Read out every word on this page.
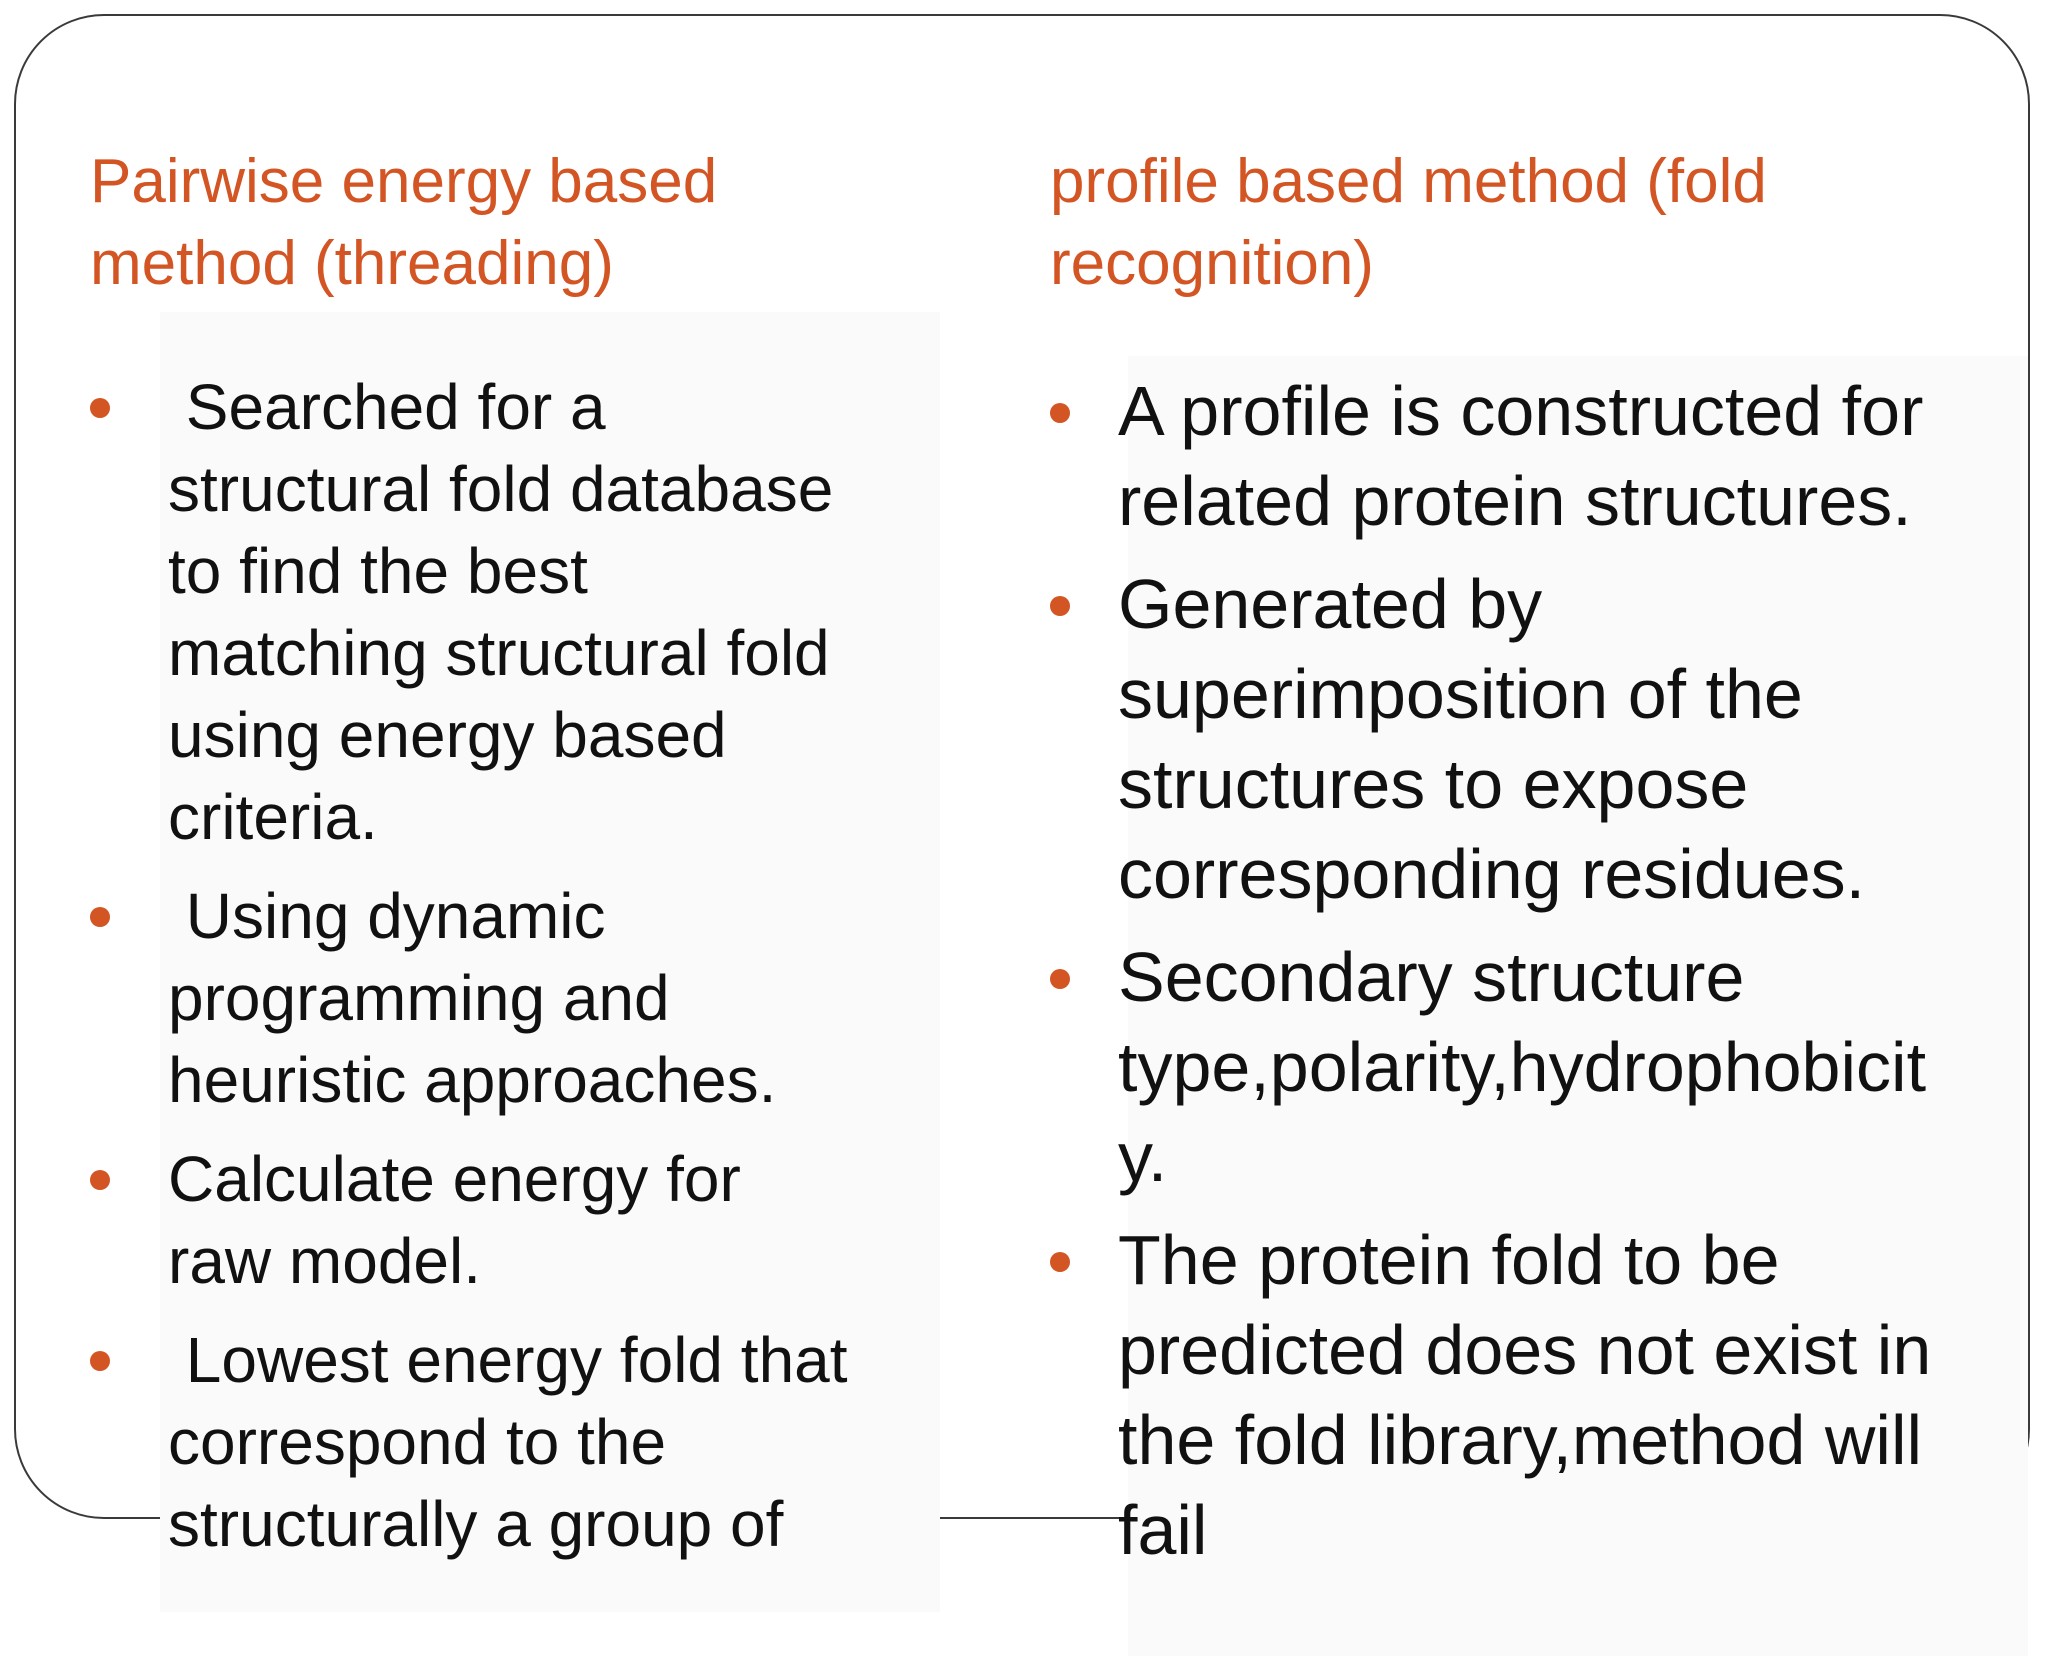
Pairwise energy based
method (threading)
Searched for a
structural fold database
to find the best
matching structural fold
using energy based
criteria.
Using dynamic
programming and
heuristic approaches.
Calculate energy for
raw model.
Lowest energy fold that
correspond to the
structurally a group of
profile based method (fold
recognition)
A profile is constructed for
related protein structures.
Generated by
superimposition of the
structures to expose
corresponding residues.
Secondary structure
type,polarity,hydrophobicit
y.
The protein fold to be
predicted does not exist in
the fold library,method will
fail
